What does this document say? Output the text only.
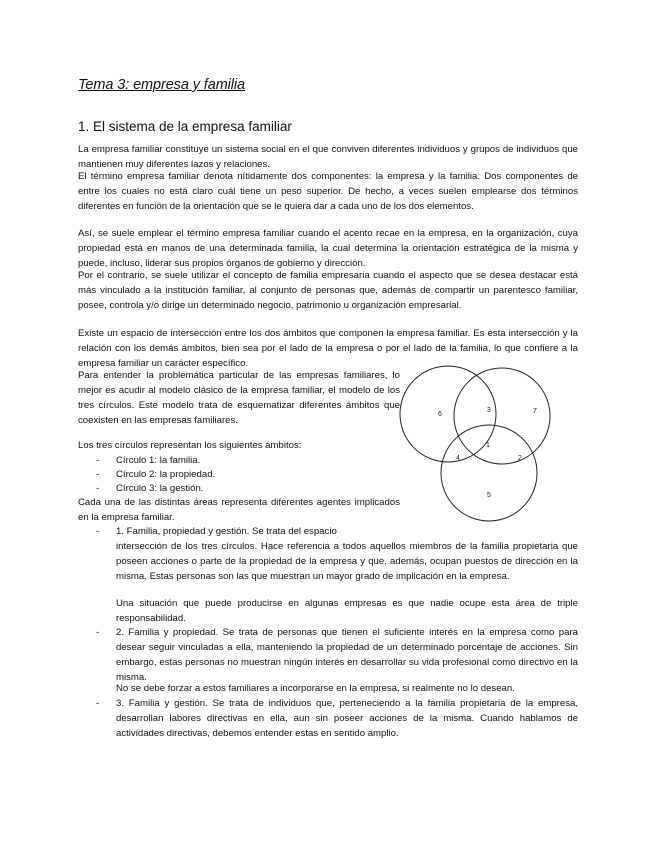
Tema 3: empresa y familia
1. El sistema de la empresa familiar

La empresa familiar constituye un sistema social en el que conviven diferentes individuos y grupos de individuos que mantienen muy diferentes lazos y relaciones.

El término empresa familiar denota nítidamente dos componentes: la empresa y la familia. Dos componentes de entre los cuales no está claro cuál tiene un peso superior. De hecho, a veces suelen emplearse dos términos diferentes en función de la orientación que se le quiera dar a cada uno de los dos elementos.

Así, se suele emplear el término empresa familiar cuando el acento recae en la empresa, en la organización, cuya propiedad está en manos de una determinada familia, la cual determina la orientación estratégica de la misma y puede, incluso, liderar sus propios órganos de gobierno y dirección.

Por el contrario, se suele utilizar el concepto de familia empresaria cuando el aspecto que se desea destacar está más vinculado a la institución familiar, al conjunto de personas que, además de compartir un parentesco familiar, posee, controla y/o dirige un determinado negocio, patrimonio u organización empresarial.

Existe un espacio de intersección entre los dos ámbitos que componen la empresa familiar. Es esta intersección y la relación con los demás ámbitos, bien sea por el lado de la empresa o por el lado de la familia, lo que confiere a la empresa familiar un carácter específico.

Para entender la problemática particular de las empresas familiares, lo mejor es acudir al modelo clásico de la empresa familiar, el modelo de los tres círculos. Este modelo trata de esquematizar diferentes ámbitos que coexisten en las empresas familiares.

Los tres círculos representan los siguientes ámbitos:

- Círculo 1: la familia.
- Círculo 2: la propiedad.
- Círculo 3: la gestión.

Cada una de las distintas áreas representa diferentes agentes implicados en la empresa familiar.

- 1. Familia, propiedad y gestión. Se trata del espacio

intersección de los tres círculos. Hace referencia a todos aquellos miembros de la familia propietaria que poseen acciones o parte de la propiedad de la empresa y que, además, ocupan puestos de dirección en la misma. Estas personas son las que muestran un mayor grado de implicación en la empresa.

Una situación que puede producirse en algunas empresas es que nadie ocupe esta área de triple responsabilidad.

- 2. Familia y propiedad. Se trata de personas que tienen el suficiente interés en la empresa como para desear seguir vinculadas a ella, manteniendo la propiedad de un determinado porcentaje de acciones. Sin embargo, estas personas no muestran ningún interés en desarrollar su vida profesional como directivo en la misma.

No se debe forzar a estos familiares a incorporarse en la empresa, si realmente no lo desean.

- 3. Familia y gestión. Se trata de individuos que, perteneciendo a la familia propietaria de la empresa, desarrollan labores directivas en ella, aun sin poseer acciones de la misma. Cuando hablamos de actividades directivas, debemos entender estas en sentido amplio.

6
3	7
1
4	2
5
